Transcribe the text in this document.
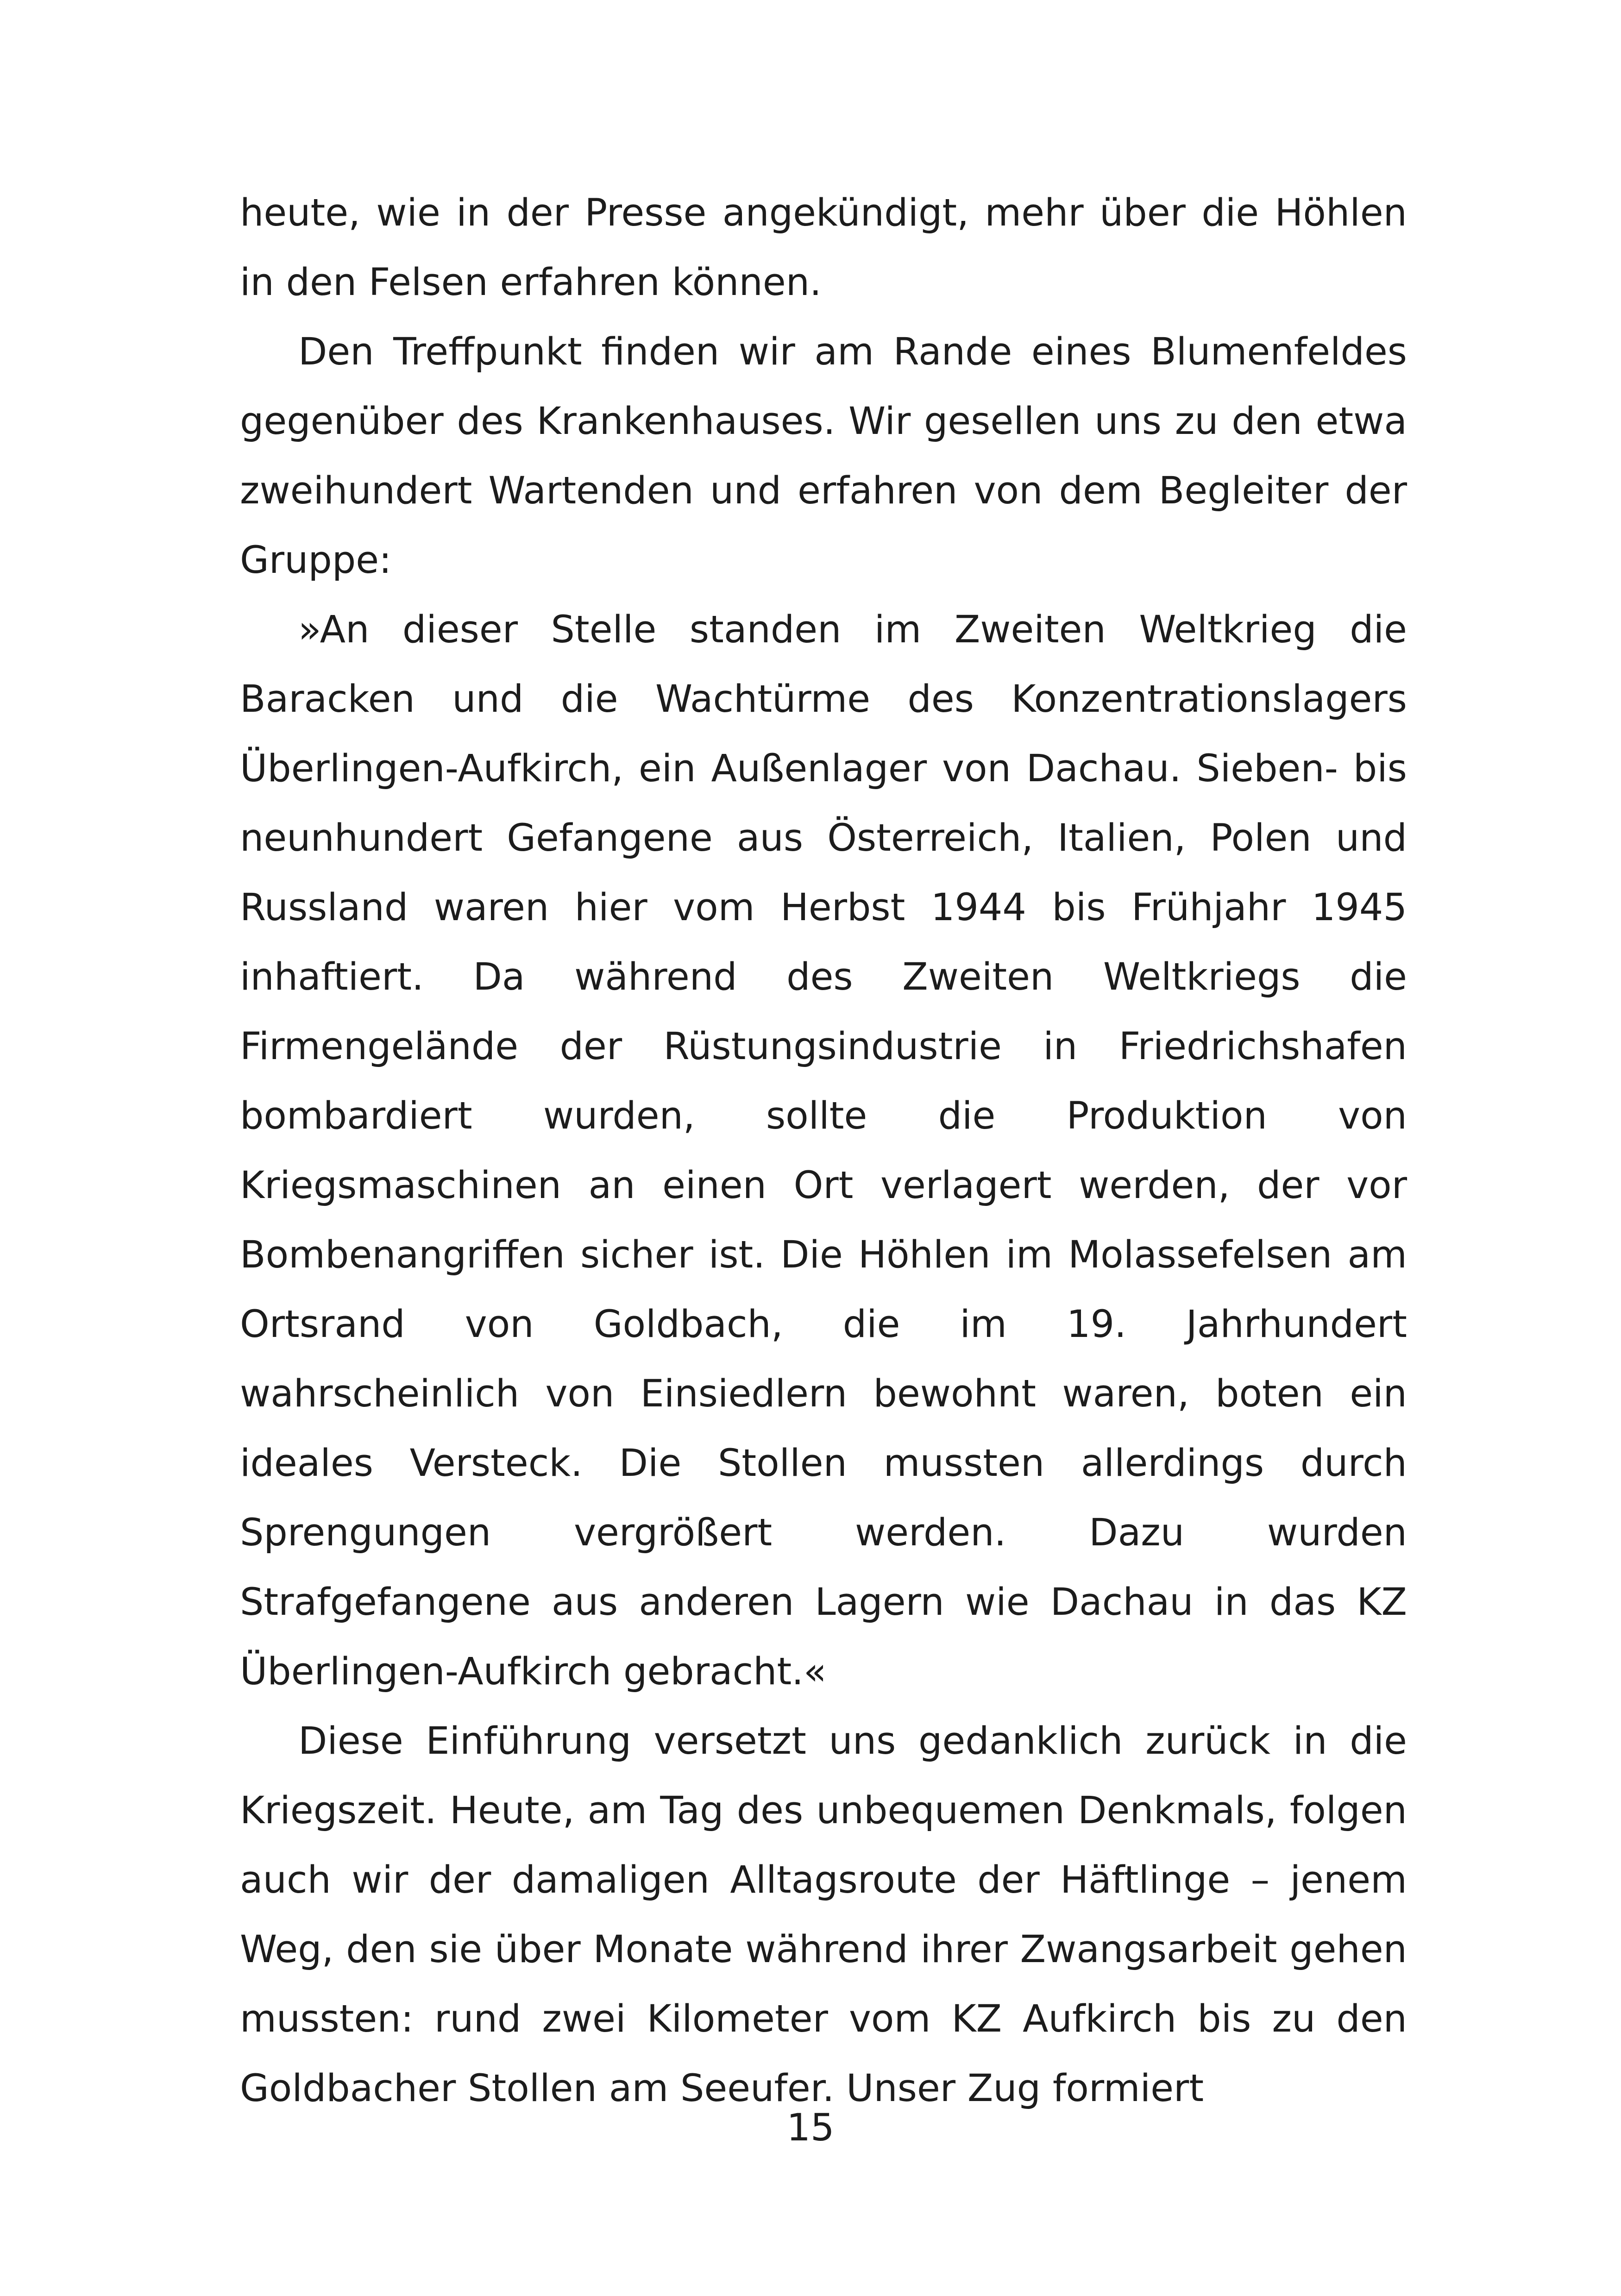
heute, wie in der Presse angekündigt, mehr über die Höhlen in den Felsen erfahren können.

Den Treffpunkt finden wir am Rande eines Blumenfeldes gegenüber des Krankenhauses. Wir gesellen uns zu den etwa zweihundert Wartenden und erfahren von dem Begleiter der Gruppe:

»An dieser Stelle standen im Zweiten Weltkrieg die Baracken und die Wachtürme des Konzentrationslagers Überlingen-Aufkirch, ein Außenlager von Dachau. Sieben- bis neunhundert Gefangene aus Österreich, Italien, Polen und Russland waren hier vom Herbst 1944 bis Frühjahr 1945 inhaftiert. Da während des Zweiten Weltkriegs die Firmengelände der Rüstungsindustrie in Friedrichshafen bombardiert wurden, sollte die Produktion von Kriegsmaschinen an einen Ort verlagert werden, der vor Bombenangriffen sicher ist. Die Höhlen im Molassefelsen am Ortsrand von Goldbach, die im 19. Jahrhundert wahrscheinlich von Einsiedlern bewohnt waren, boten ein ideales Versteck. Die Stollen mussten allerdings durch Sprengungen vergrößert werden. Dazu wurden Strafgefangene aus anderen Lagern wie Dachau in das KZ Überlingen-Aufkirch gebracht.«

Diese Einführung versetzt uns gedanklich zurück in die Kriegszeit. Heute, am Tag des unbequemen Denkmals, folgen auch wir der damaligen Alltagsroute der Häftlinge – jenem Weg, den sie über Monate während ihrer Zwangsarbeit gehen mussten: rund zwei Kilometer vom KZ Aufkirch bis zu den Goldbacher Stollen am Seeufer. Unser Zug formiert

15
